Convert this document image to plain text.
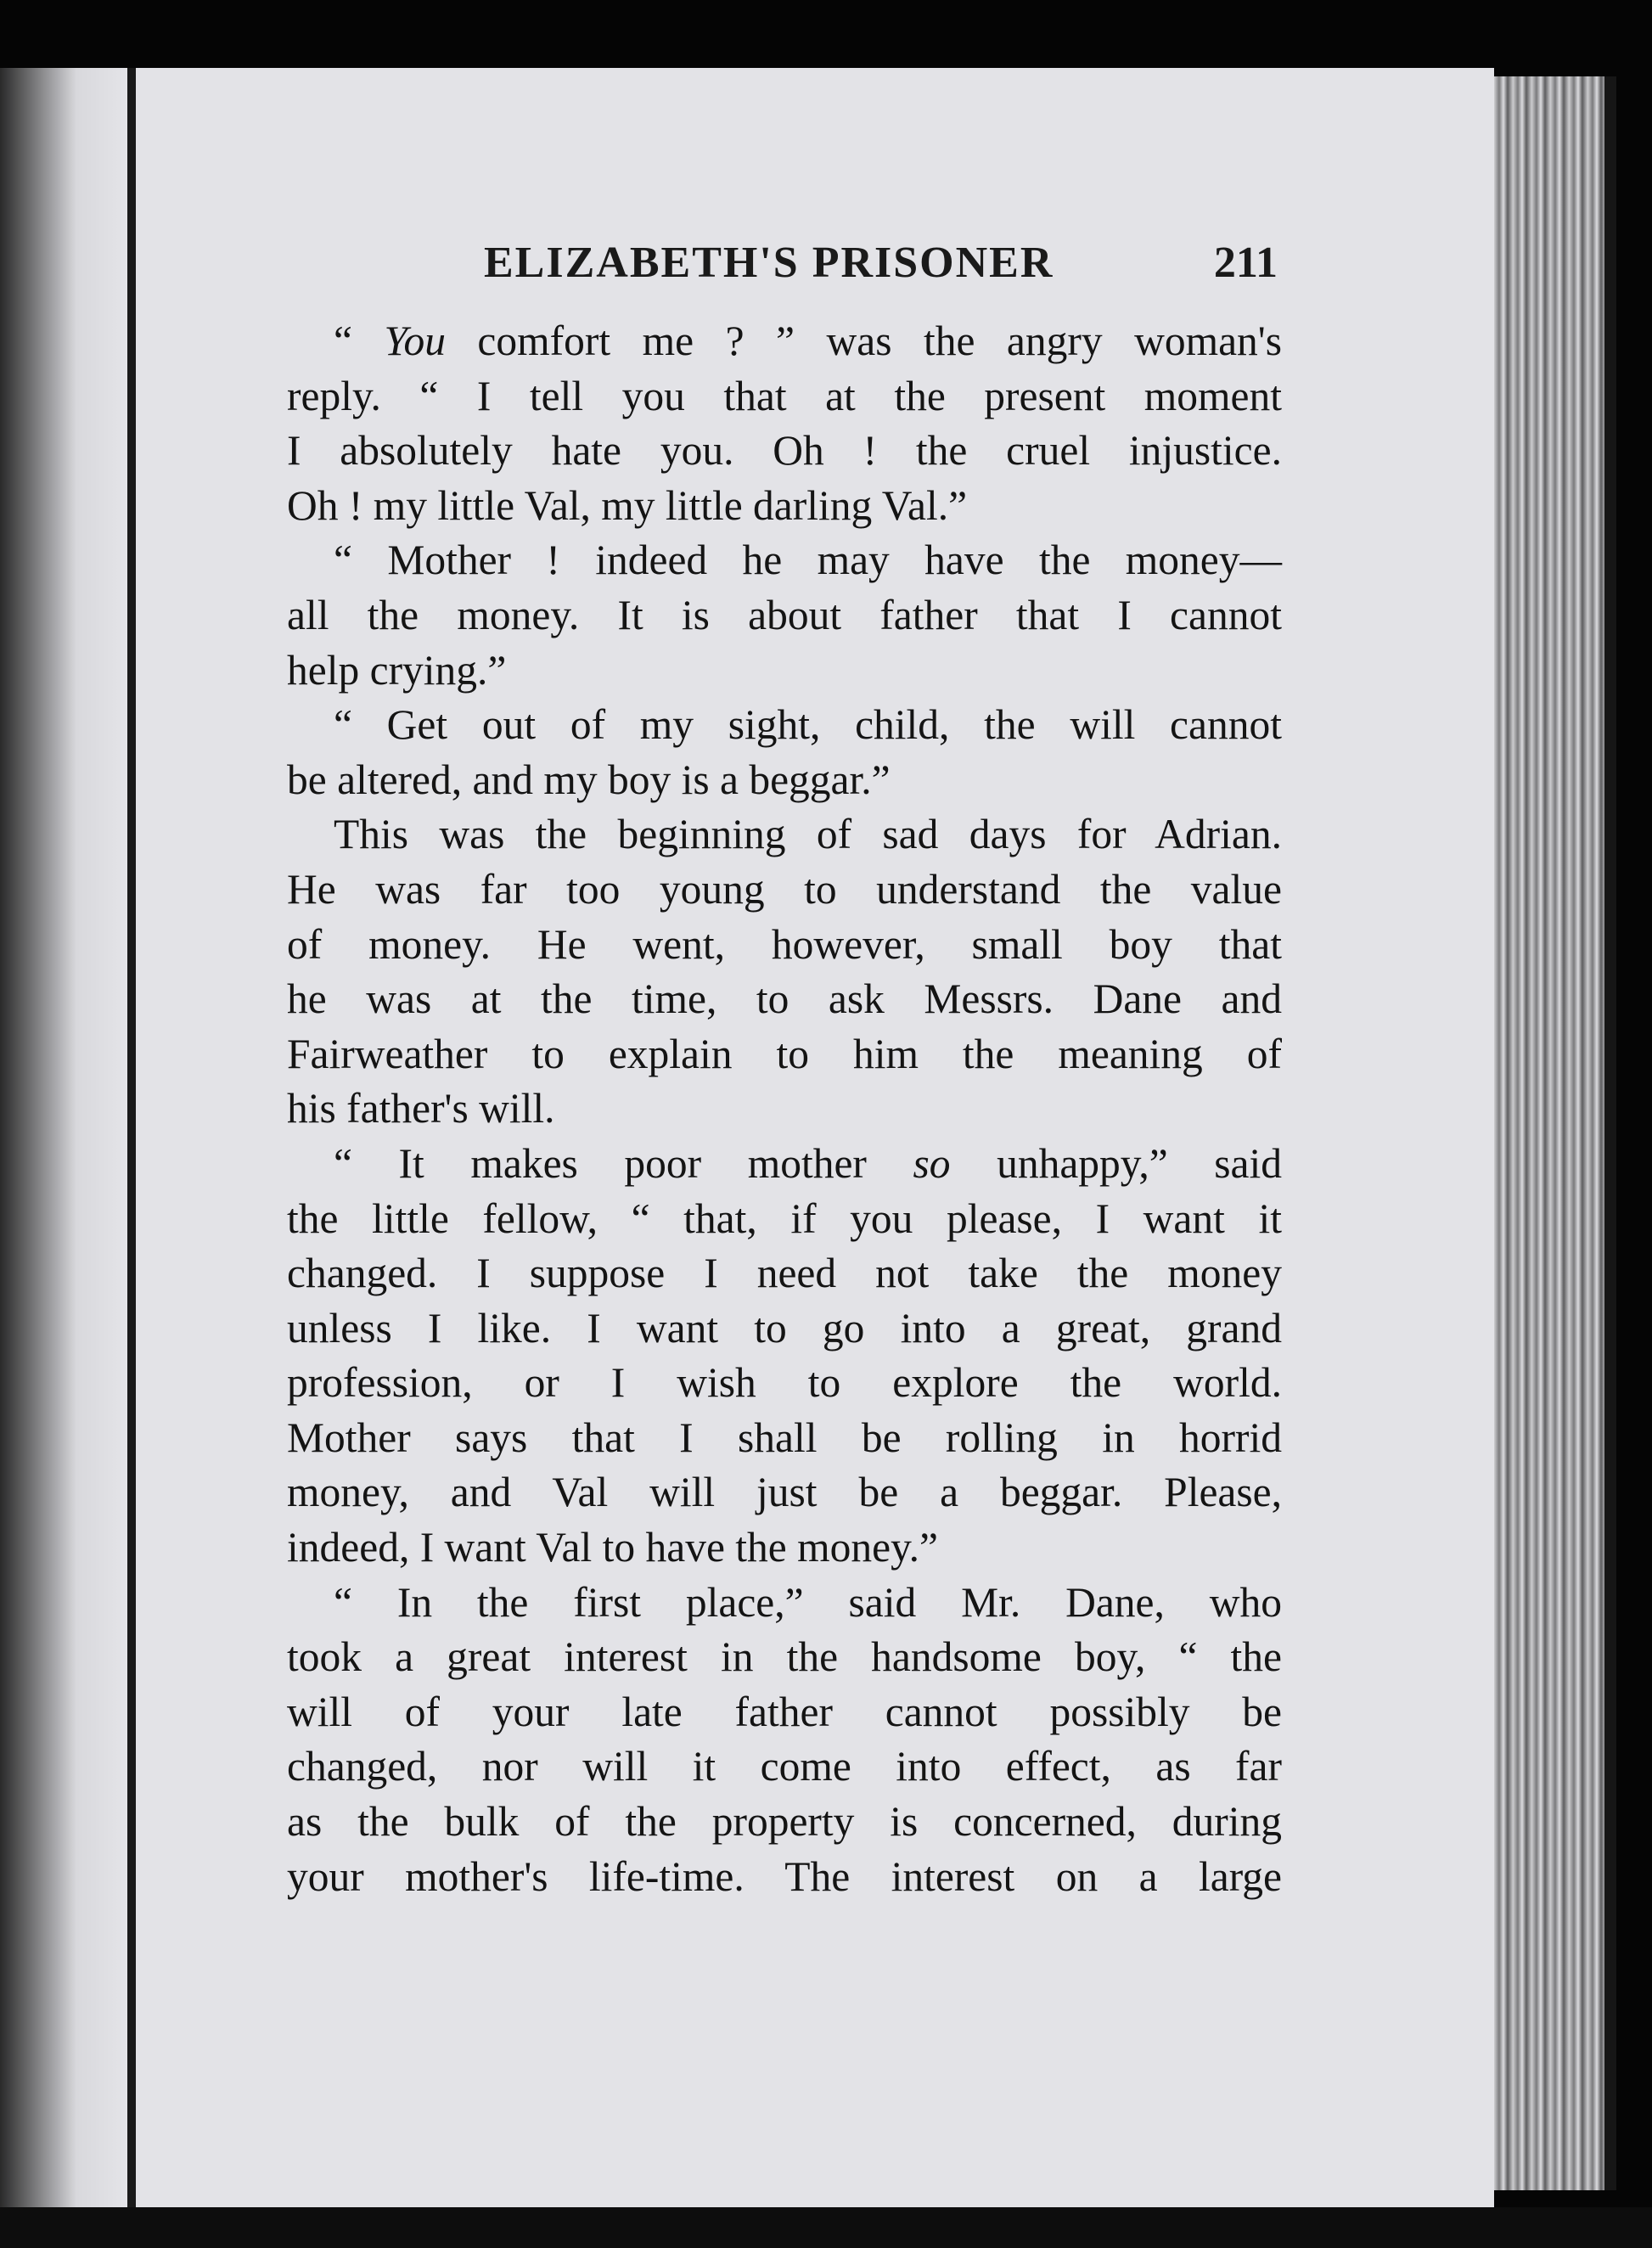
ELIZABETH'S PRISONER	211
“ You comfort me ? ” was the angry woman's
reply. “ I tell you that at the present moment
I absolutely hate you. Oh ! the cruel injustice.
Oh ! my little Val, my little darling Val.”
“ Mother ! indeed he may have the money—
all the money. It is about father that I cannot
help crying.”
“ Get out of my sight, child, the will cannot
be altered, and my boy is a beggar.”
This was the beginning of sad days for Adrian.
He was far too young to understand the value
of money. He went, however, small boy that
he was at the time, to ask Messrs. Dane and
Fairweather to explain to him the meaning of
his father's will.
“ It makes poor mother so unhappy,” said
the little fellow, “ that, if you please, I want it
changed. I suppose I need not take the money
unless I like. I want to go into a great, grand
profession, or I wish to explore the world.
Mother says that I shall be rolling in horrid
money, and Val will just be a beggar. Please,
indeed, I want Val to have the money.”
“ In the first place,” said Mr. Dane, who
took a great interest in the handsome boy, “ the
will of your late father cannot possibly be
changed, nor will it come into effect, as far
as the bulk of the property is concerned, during
your mother's life-time. The interest on a large
